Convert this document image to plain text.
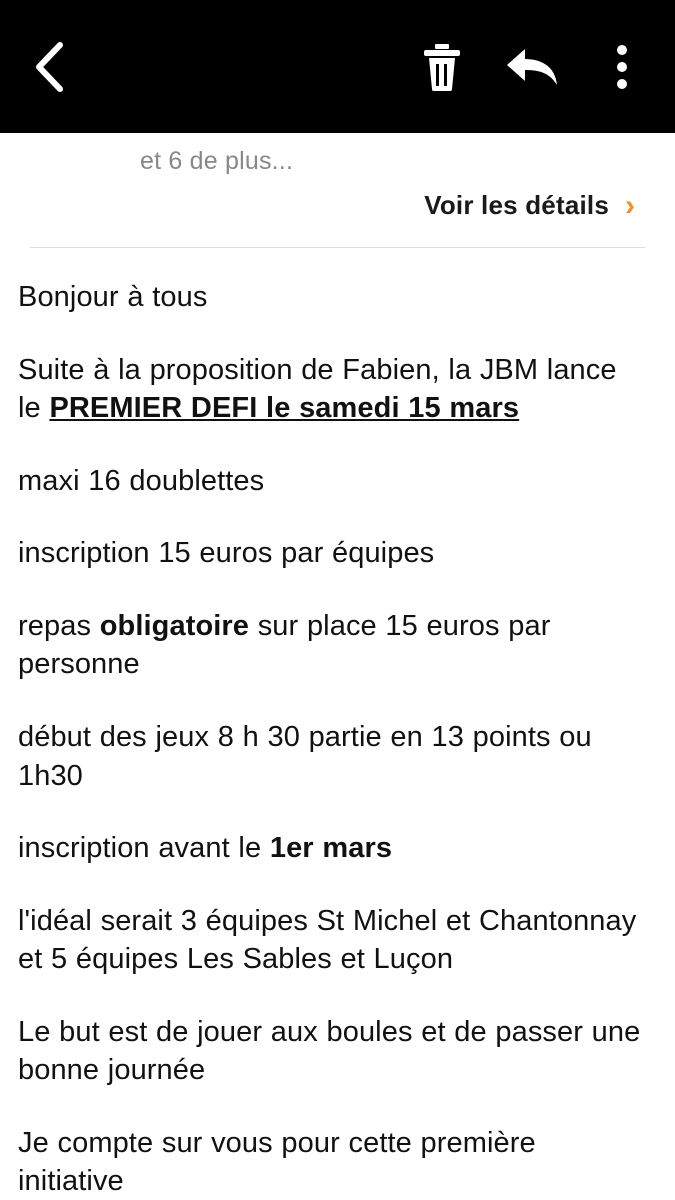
et 6 de plus...
Voir les détails ›

Bonjour à tous

Suite à la proposition de Fabien, la JBM lance le PREMIER DEFI le samedi 15 mars

maxi 16 doublettes

inscription 15 euros par équipes

repas obligatoire sur place 15 euros par personne

début des jeux 8 h 30 partie en 13 points ou 1h30

inscription avant le 1er mars

l'idéal serait 3 équipes St Michel et Chantonnay et 5 équipes Les Sables et Luçon

Le but est de jouer aux boules et de passer une bonne journée

Je compte sur vous pour cette première initiative
